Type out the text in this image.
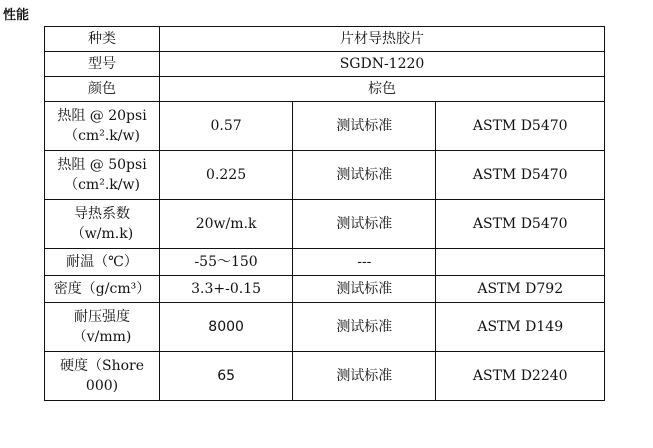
性能
种类	片材导热胶片		
型号	SGDN-1220		
颜色	棕色		

热阻 @ 20psi
（cm².k/w)	0.57	测试标准	ASTM D5470

热阻 @ 50psi
（cm².k/w)	0.225	测试标准	ASTM D5470

导热系数
（w/m.k)	20w/m.k	测试标准	ASTM D5470
耐温（℃）	-55～150	---	
密度（g/cm³）	3.3+-0.15	测试标准	ASTM D792

耐压强度
（v/mm)	8000	测试标准	ASTM D149

硬度（Shore
000)	65	测试标准	ASTM D2240
